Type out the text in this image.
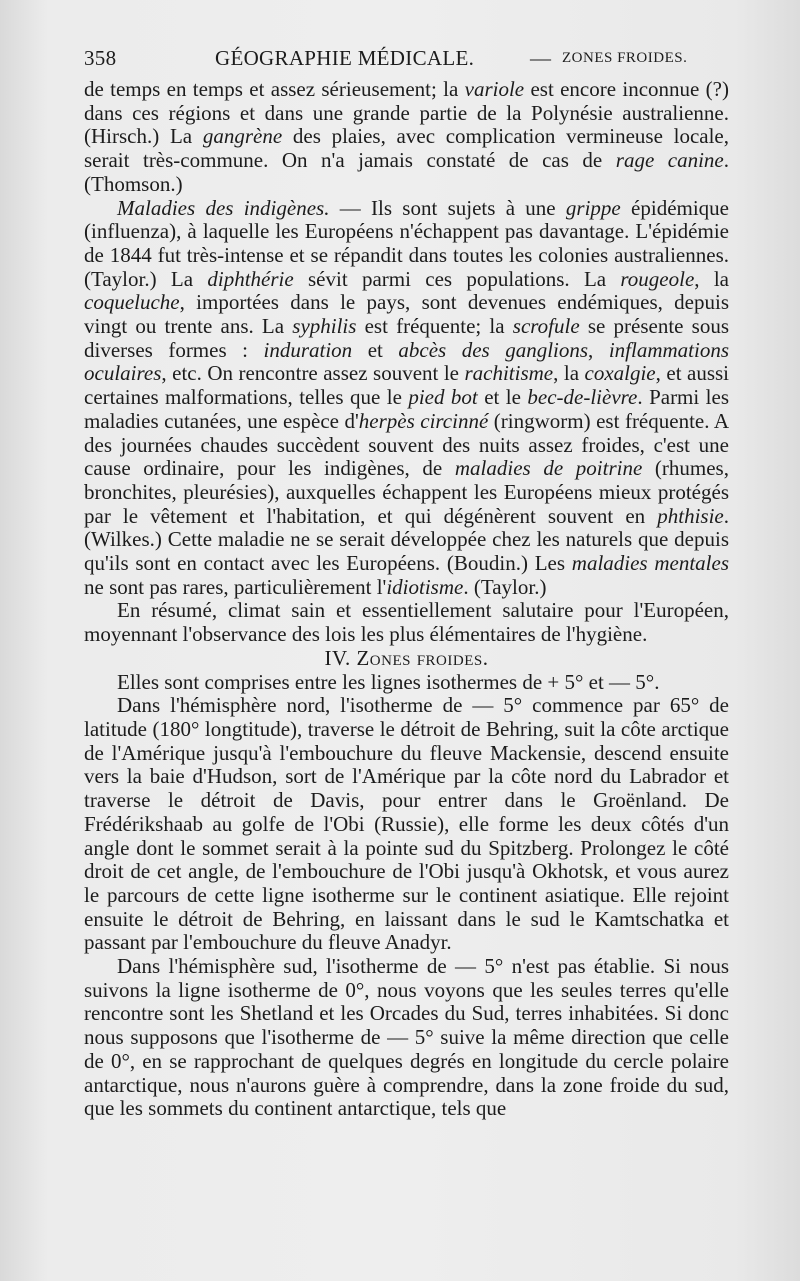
358	GÉOGRAPHIE MÉDICALE.	— ZONES FROIDES.

de temps en temps et assez sérieusement; la variole est encore inconnue (?) dans ces régions et dans une grande partie de la Polynésie australienne. (Hirsch.) La gangrène des plaies, avec complication vermineuse locale, serait très-commune. On n'a jamais constaté de cas de rage canine. (Thomson.)

Maladies des indigènes. — Ils sont sujets à une grippe épidémique (influenza), à laquelle les Européens n'échappent pas davantage. L'épidémie de 1844 fut très-intense et se répandit dans toutes les colonies australiennes. (Taylor.) La diphthérie sévit parmi ces populations. La rougeole, la coqueluche, importées dans le pays, sont devenues endémiques, depuis vingt ou trente ans. La syphilis est fréquente; la scrofule se présente sous diverses formes : induration et abcès des ganglions, inflammations oculaires, etc. On rencontre assez souvent le rachitisme, la coxalgie, et aussi certaines malformations, telles que le pied bot et le bec-de-lièvre. Parmi les maladies cutanées, une espèce d'herpès circinné (ringworm) est fréquente. A des journées chaudes succèdent souvent des nuits assez froides, c'est une cause ordinaire, pour les indigènes, de maladies de poitrine (rhumes, bronchites, pleurésies), auxquelles échappent les Européens mieux protégés par le vêtement et l'habitation, et qui dégénèrent souvent en phthisie. (Wilkes.) Cette maladie ne se serait développée chez les naturels que depuis qu'ils sont en contact avec les Européens. (Boudin.) Les maladies mentales ne sont pas rares, particulièrement l'idiotisme. (Taylor.)

En résumé, climat sain et essentiellement salutaire pour l'Européen, moyennant l'observance des lois les plus élémentaires de l'hygiène.

IV. Zones froides.

Elles sont comprises entre les lignes isothermes de + 5° et — 5°.

Dans l'hémisphère nord, l'isotherme de — 5° commence par 65° de latitude (180° longtitude), traverse le détroit de Behring, suit la côte arctique de l'Amérique jusqu'à l'embouchure du fleuve Mackensie, descend ensuite vers la baie d'Hudson, sort de l'Amérique par la côte nord du Labrador et traverse le détroit de Davis, pour entrer dans le Groënland. De Frédérikshaab au golfe de l'Obi (Russie), elle forme les deux côtés d'un angle dont le sommet serait à la pointe sud du Spitzberg. Prolongez le côté droit de cet angle, de l'embouchure de l'Obi jusqu'à Okhotsk, et vous aurez le parcours de cette ligne isotherme sur le continent asiatique. Elle rejoint ensuite le détroit de Behring, en laissant dans le sud le Kamtschatka et passant par l'embouchure du fleuve Anadyr.

Dans l'hémisphère sud, l'isotherme de — 5° n'est pas établie. Si nous suivons la ligne isotherme de 0°, nous voyons que les seules terres qu'elle rencontre sont les Shetland et les Orcades du Sud, terres inhabitées. Si donc nous supposons que l'isotherme de — 5° suive la même direction que celle de 0°, en se rapprochant de quelques degrés en longitude du cercle polaire antarctique, nous n'aurons guère à comprendre, dans la zone froide du sud, que les sommets du continent antarctique, tels que
